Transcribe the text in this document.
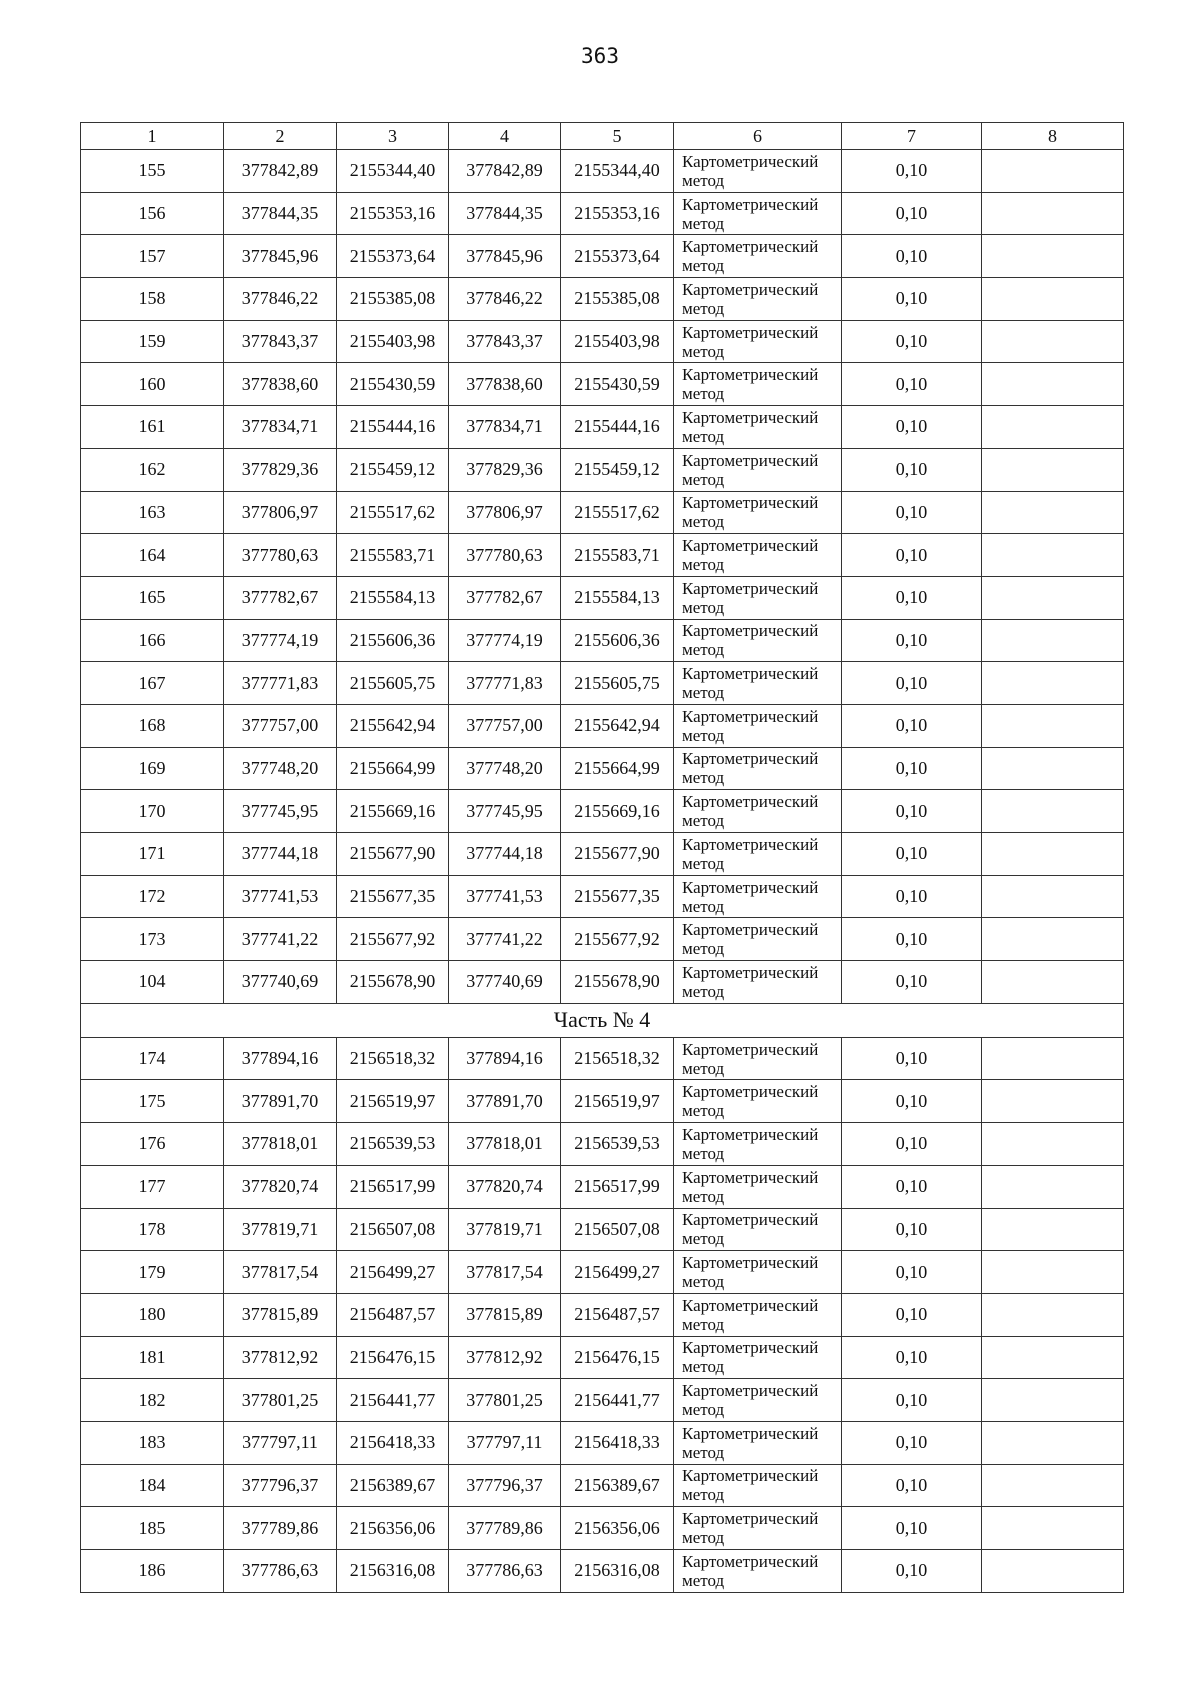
363
1	2	3	4	5	6	7	8
155	377842,89	2155344,40	377842,89	2155344,40	Картометрический
метод	0,10	
156	377844,35	2155353,16	377844,35	2155353,16	Картометрический
метод	0,10	
157	377845,96	2155373,64	377845,96	2155373,64	Картометрический
метод	0,10	
158	377846,22	2155385,08	377846,22	2155385,08	Картометрический
метод	0,10	
159	377843,37	2155403,98	377843,37	2155403,98	Картометрический
метод	0,10	
160	377838,60	2155430,59	377838,60	2155430,59	Картометрический
метод	0,10	
161	377834,71	2155444,16	377834,71	2155444,16	Картометрический
метод	0,10	
162	377829,36	2155459,12	377829,36	2155459,12	Картометрический
метод	0,10	
163	377806,97	2155517,62	377806,97	2155517,62	Картометрический
метод	0,10	
164	377780,63	2155583,71	377780,63	2155583,71	Картометрический
метод	0,10	
165	377782,67	2155584,13	377782,67	2155584,13	Картометрический
метод	0,10	
166	377774,19	2155606,36	377774,19	2155606,36	Картометрический
метод	0,10	
167	377771,83	2155605,75	377771,83	2155605,75	Картометрический
метод	0,10	
168	377757,00	2155642,94	377757,00	2155642,94	Картометрический
метод	0,10	
169	377748,20	2155664,99	377748,20	2155664,99	Картометрический
метод	0,10	
170	377745,95	2155669,16	377745,95	2155669,16	Картометрический
метод	0,10	
171	377744,18	2155677,90	377744,18	2155677,90	Картометрический
метод	0,10	
172	377741,53	2155677,35	377741,53	2155677,35	Картометрический
метод	0,10	
173	377741,22	2155677,92	377741,22	2155677,92	Картометрический
метод	0,10	
104	377740,69	2155678,90	377740,69	2155678,90	Картометрический
метод	0,10	
Часть № 4							
174	377894,16	2156518,32	377894,16	2156518,32	Картометрический
метод	0,10	
175	377891,70	2156519,97	377891,70	2156519,97	Картометрический
метод	0,10	
176	377818,01	2156539,53	377818,01	2156539,53	Картометрический
метод	0,10	
177	377820,74	2156517,99	377820,74	2156517,99	Картометрический
метод	0,10	
178	377819,71	2156507,08	377819,71	2156507,08	Картометрический
метод	0,10	
179	377817,54	2156499,27	377817,54	2156499,27	Картометрический
метод	0,10	
180	377815,89	2156487,57	377815,89	2156487,57	Картометрический
метод	0,10	
181	377812,92	2156476,15	377812,92	2156476,15	Картометрический
метод	0,10	
182	377801,25	2156441,77	377801,25	2156441,77	Картометрический
метод	0,10	
183	377797,11	2156418,33	377797,11	2156418,33	Картометрический
метод	0,10	
184	377796,37	2156389,67	377796,37	2156389,67	Картометрический
метод	0,10	
185	377789,86	2156356,06	377789,86	2156356,06	Картометрический
метод	0,10	
186	377786,63	2156316,08	377786,63	2156316,08	Картометрический
метод	0,10	
